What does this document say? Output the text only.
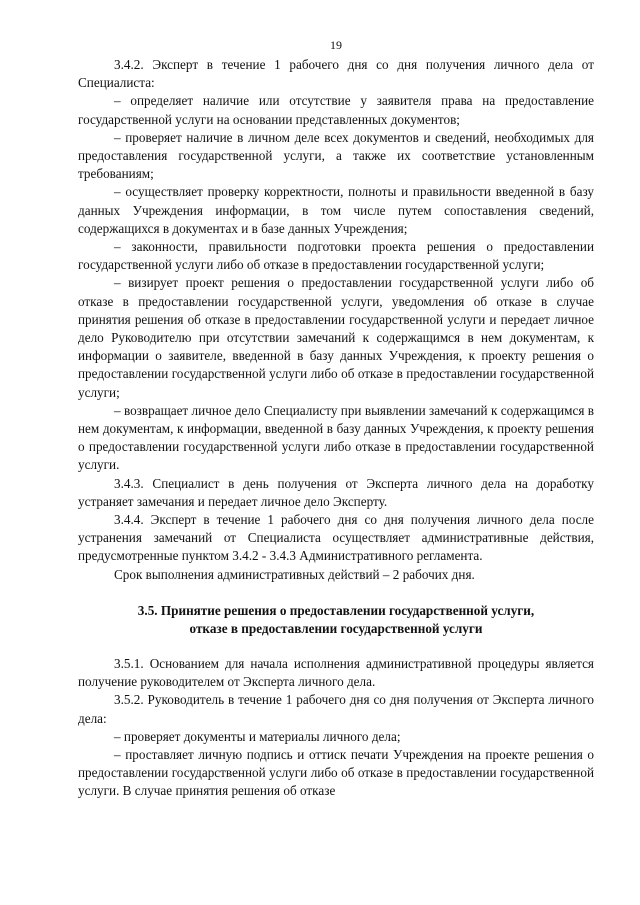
19

3.4.2. Эксперт в течение 1 рабочего дня со дня получения личного дела от Специалиста:

– определяет наличие или отсутствие у заявителя права на предоставление государственной услуги на основании представленных документов;

– проверяет наличие в личном деле всех документов и сведений, необходимых для предоставления государственной услуги, а также их соответствие установленным требованиям;

– осуществляет проверку корректности, полноты и правильности введенной в базу данных Учреждения информации, в том числе путем сопоставления сведений, содержащихся в документах и в базе данных Учреждения;

– законности, правильности подготовки проекта решения о предоставлении государственной услуги либо об отказе в предоставлении государственной услуги;

– визирует проект решения о предоставлении государственной услуги либо об отказе в предоставлении государственной услуги, уведомления об отказе в случае принятия решения об отказе в предоставлении государственной услуги и передает личное дело Руководителю при отсутствии замечаний к содержащимся в нем документам, к информации о заявителе, введенной в базу данных Учреждения, к проекту решения о предоставлении государственной услуги либо об отказе в предоставлении государственной услуги;

– возвращает личное дело Специалисту при выявлении замечаний к содержащимся в нем документам, к информации, введенной в базу данных Учреждения, к проекту решения о предоставлении государственной услуги либо отказе в предоставлении государственной услуги.

3.4.3. Специалист в день получения от Эксперта личного дела на доработку устраняет замечания и передает личное дело Эксперту.

3.4.4. Эксперт в течение 1 рабочего дня со дня получения личного дела после устранения замечаний от Специалиста осуществляет административные действия, предусмотренные пунктом 3.4.2 - 3.4.3 Административного регламента.

Срок выполнения административных действий – 2 рабочих дня.

3.5. Принятие решения о предоставлении государственной услуги,
отказе в предоставлении государственной услуги

3.5.1. Основанием для начала исполнения административной процедуры является получение руководителем от Эксперта личного дела.

3.5.2. Руководитель в течение 1 рабочего дня со дня получения от Эксперта личного дела:

– проверяет документы и материалы личного дела;

– проставляет личную подпись и оттиск печати Учреждения на проекте решения о предоставлении государственной услуги либо об отказе в предоставлении государственной услуги. В случае принятия решения об отказе
